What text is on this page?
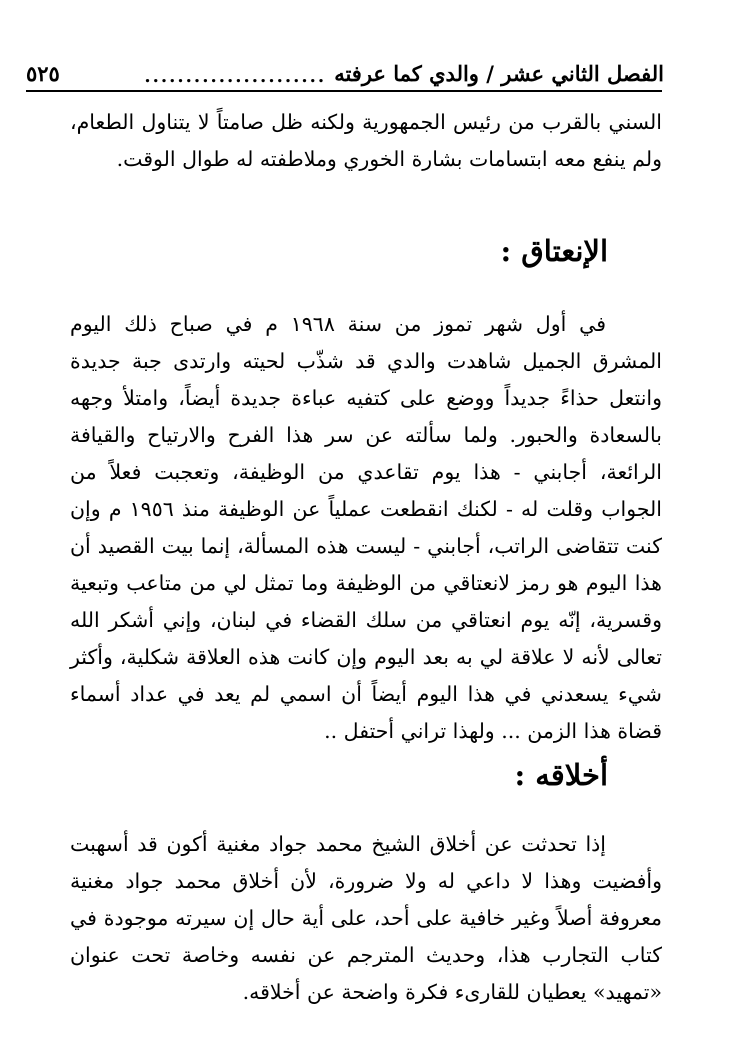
الفصل الثاني عشر / والدي كما عرفته
......................
٥٢٥

السني بالقرب من رئيس الجمهورية ولكنه ظل صامتاً لا يتناول الطعام، ولم ينفع معه ابتسامات بشارة الخوري وملاطفته له طوال الوقت.

الإنعتاق :

في أول شهر تموز من سنة ١٩٦٨ م في صباح ذلك اليوم المشرق الجميل شاهدت والدي قد شذّب لحيته وارتدى جبة جديدة وانتعل حذاءً جديداً ووضع على كتفيه عباءة جديدة أيضاً، وامتلأ وجهه بالسعادة والحبور. ولما سألته عن سر هذا الفرح والارتياح والقيافة الرائعة، أجابني - هذا يوم تقاعدي من الوظيفة، وتعجبت فعلاً من الجواب وقلت له - لكنك انقطعت عملياً عن الوظيفة منذ ١٩٥٦ م وإن كنت تتقاضى الراتب، أجابني - ليست هذه المسألة، إنما بيت القصيد أن هذا اليوم هو رمز لانعتاقي من الوظيفة وما تمثل لي من متاعب وتبعية وقسرية، إنّه يوم انعتاقي من سلك القضاء في لبنان، وإني أشكر الله تعالى لأنه لا علاقة لي به بعد اليوم وإن كانت هذه العلاقة شكلية، وأكثر شيء يسعدني في هذا اليوم أيضاً أن اسمي لم يعد في عداد أسماء قضاة هذا الزمن ... ولهذا تراني أحتفل ..

أخلاقه :

إذا تحدثت عن أخلاق الشيخ محمد جواد مغنية أكون قد أسهبت وأفضيت وهذا لا داعي له ولا ضرورة، لأن أخلاق محمد جواد مغنية معروفة أصلاً وغير خافية على أحد، على أية حال إن سيرته موجودة في كتاب التجارب هذا، وحديث المترجم عن نفسه وخاصة تحت عنوان «تمهيد» يعطيان للقارىء فكرة واضحة عن أخلاقه.
